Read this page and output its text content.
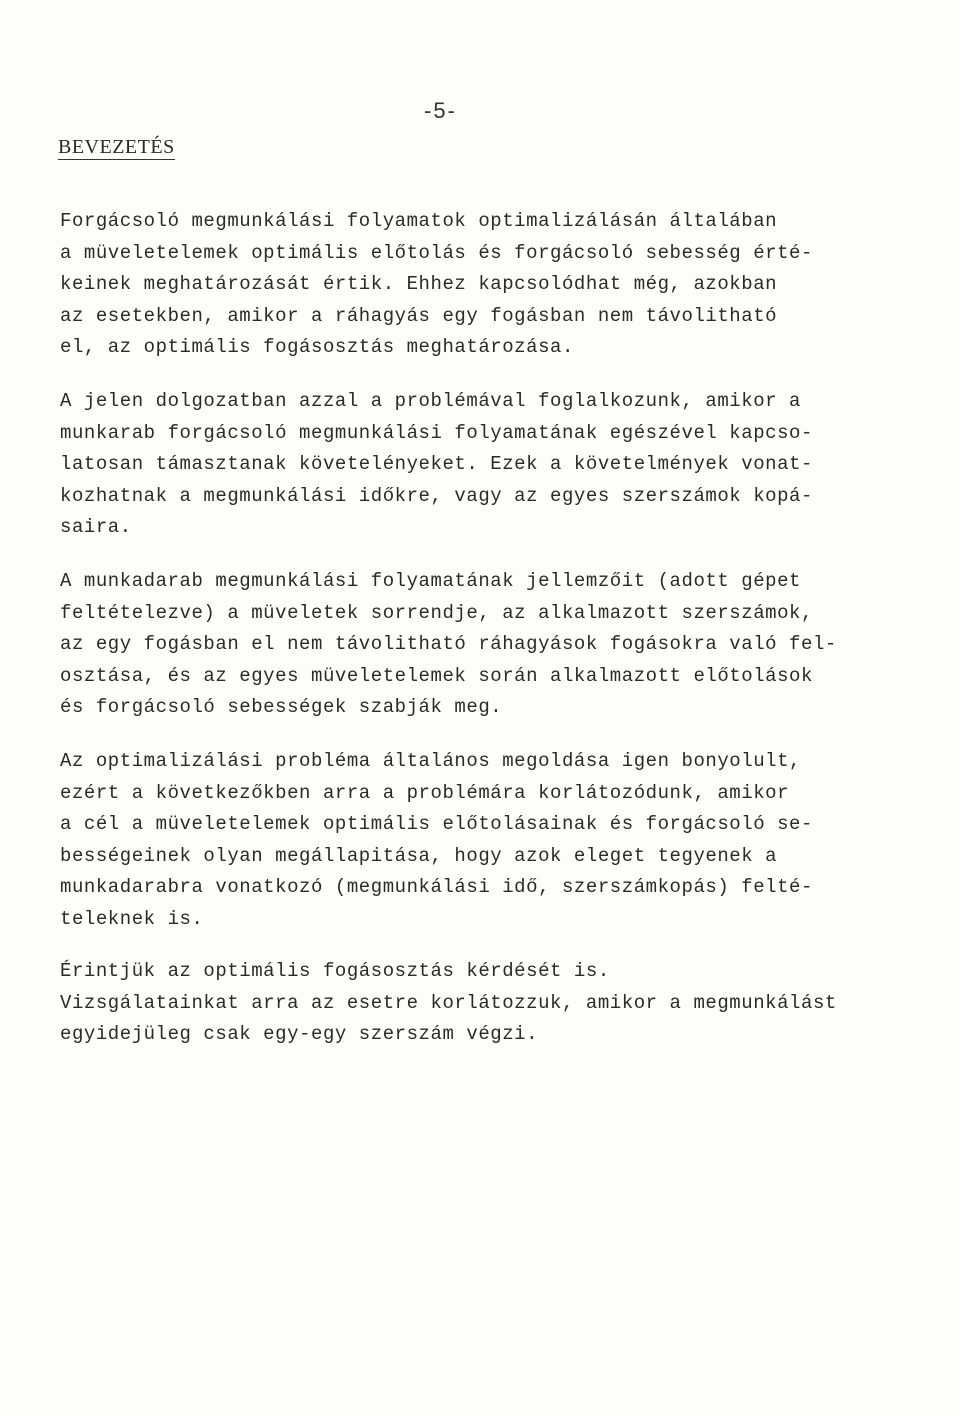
-5-
BEVEZETÉS
Forgácsoló megmunkálási folyamatok optimalizálásán általában
a müveletelemek optimális előtolás és forgácsoló sebesség érté-
keinek meghatározását értik. Ehhez kapcsolódhat még, azokban
az esetekben, amikor a ráhagyás egy fogásban nem távolitható
el, az optimális fogásosztás meghatározása.
A jelen dolgozatban azzal a problémával foglalkozunk, amikor a
munkarab forgácsoló megmunkálási folyamatának egészével kapcso-
latosan támasztanak követelényeket. Ezek a követelmények vonat-
kozhatnak a megmunkálási időkre, vagy az egyes szerszámok kopá-
saira.
A munkadarab megmunkálási folyamatának jellemzőit (adott gépet
feltételezve) a müveletek sorrendje, az alkalmazott szerszámok,
az egy fogásban el nem távolitható ráhagyások fogásokra való fel-
osztása, és az egyes müveletelemek során alkalmazott előtolások
és forgácsoló sebességek szabják meg.
Az optimalizálási probléma általános megoldása igen bonyolult,
ezért a következőkben arra a problémára korlátozódunk, amikor
a cél a müveletelemek optimális előtolásainak és forgácsoló se-
bességeinek olyan megállapitása, hogy azok eleget tegyenek a
munkadarabra vonatkozó (megmunkálási idő, szerszámkopás) felté-
teleknek is.
Érintjük az optimális fogásosztás kérdését is.
Vizsgálatainkat arra az esetre korlátozzuk, amikor a megmunkálást
egyidejüleg csak egy-egy szerszám végzi.
